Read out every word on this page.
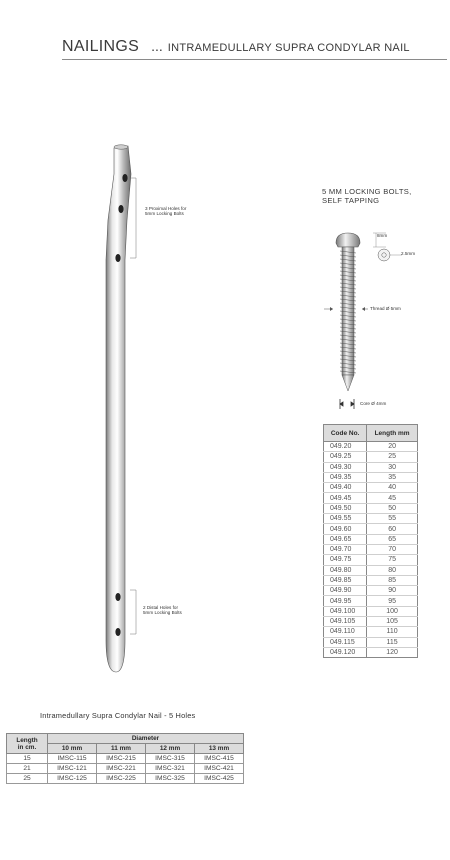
NAILINGS ... INTRAMEDULLARY SUPRA CONDYLAR NAIL
3 Proximal Holes for
5mm Locking Bolts
2 Distal Holes for
5mm Locking Bolts
5 MM LOCKING BOLTS,
SELF TAPPING
8mm
2.5mm
Thread Ø 5mm
Core Ø 4mm
Code No.	Length mm
049.20	20
049.25	25
049.30	30
049.35	35
049.40	40
049.45	45
049.50	50
049.55	55
049.60	60
049.65	65
049.70	70
049.75	75
049.80	80
049.85	85
049.90	90
049.95	95
049.100	100
049.105	105
049.110	110
049.115	115
049.120	120
Intramedullary Supra Condylar Nail - 5 Holes
Length
in cm.	Diameter			
	10 mm	11 mm	12 mm	13 mm
15	IMSC-115	IMSC-215	IMSC-315	IMSC-415
21	IMSC-121	IMSC-221	IMSC-321	IMSC-421
25	IMSC-125	IMSC-225	IMSC-325	IMSC-425
